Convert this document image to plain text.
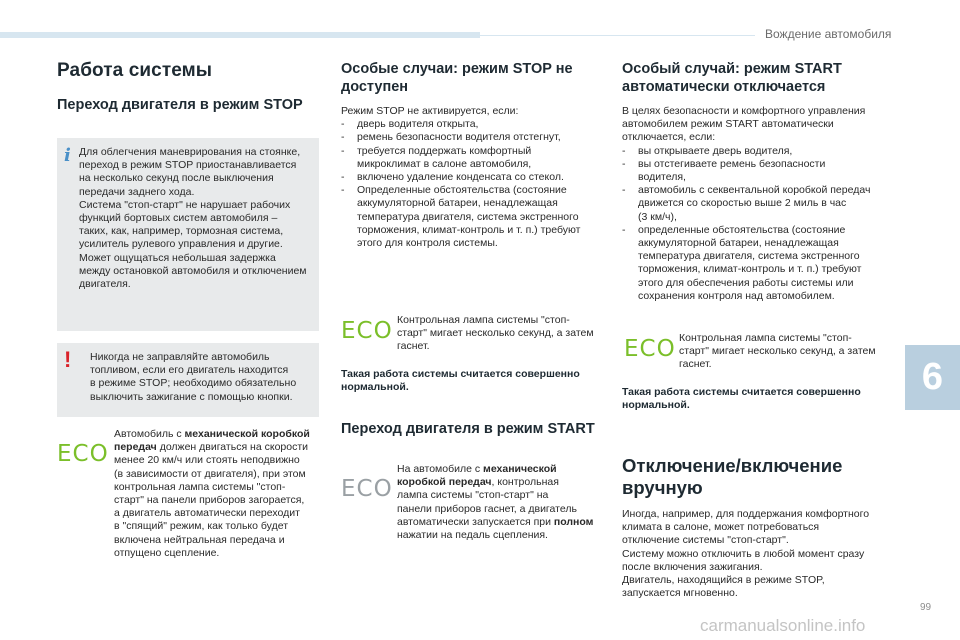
Вождение автомобиля
Работа системы
Переход двигателя в режим STOP
i Для облегчения маневрирования на стоянке,
переход в режим STOP приостанавливается
на несколько секунд после выключения
передачи заднего хода.
Система "стоп-старт" не нарушает рабочих
функций бортовых систем автомобиля –
таких, как, например, тормозная система,
усилитель рулевого управления и другие.
Может ощущаться небольшая задержка
между остановкой автомобиля и отключением
двигателя.
! Никогда не заправляйте автомобиль
топливом, если его двигатель находится
в режиме STOP; необходимо обязательно
выключить зажигание с помощью кнопки.
ECO

Автомобиль с механической коробкой

передач должен двигаться на скорости

менее 20 км/ч или стоять неподвижно

(в зависимости от двигателя), при этом

контрольная лампа системы "стоп-

старт" на панели приборов загорается,

а двигатель автоматически переходит

в "спящий" режим, как только будет

включена нейтральная передача и

отпущено сцепление.

Особые случаи: режим STOP не
доступен

Режим STOP не активируется, если:

- дверь водителя открыта,
- ремень безопасности водителя отстегнут,
- требуется поддержать комфортный
микроклимат в салоне автомобиля,
- включено удаление конденсата со стекол.
- Определенные обстоятельства (состояние
аккумуляторной батареи, ненадлежащая
температура двигателя, система экстренного
торможения, климат-контроль и т. п.) требуют
этого для контроля системы.
ECO Контрольная лампа системы "стоп-

старт" мигает несколько секунд, а затем

гаснет.

Такая работа системы считается совершенно

нормальной.

Переход двигателя в режим START
ECO

На автомобиле с механической

коробкой передач, контрольная

лампа системы "стоп-старт" на

панели приборов гаснет, а двигатель

автоматически запускается при полном

нажатии на педаль сцепления.

Особый случай: режим START
автоматически отключается

В целях безопасности и комфортного управления

автомобилем режим START автоматически

отключается, если:

- вы открываете дверь водителя,
- вы отстегиваете ремень безопасности
водителя,
- автомобиль с секвентальной коробкой передач
движется со скоростью выше 2 миль в час
(3 км/ч),
- определенные обстоятельства (состояние
аккумуляторной батареи, ненадлежащая
температура двигателя, система экстренного
торможения, климат-контроль и т. п.) требуют
этого для обеспечения работы системы или
сохранения контроля над автомобилем.
ECO Контрольная лампа системы "стоп-

старт" мигает несколько секунд, а затем

гаснет.

Такая работа системы считается совершенно

нормальной.

Отключение/включение
вручную

Иногда, например, для поддержания комфортного

климата в салоне, может потребоваться

отключение системы "стоп-старт".

Систему можно отключить в любой момент сразу

после включения зажигания.

Двигатель, находящийся в режиме STOP,

запускается мгновенно.

6
99
carmanualsonline.info
